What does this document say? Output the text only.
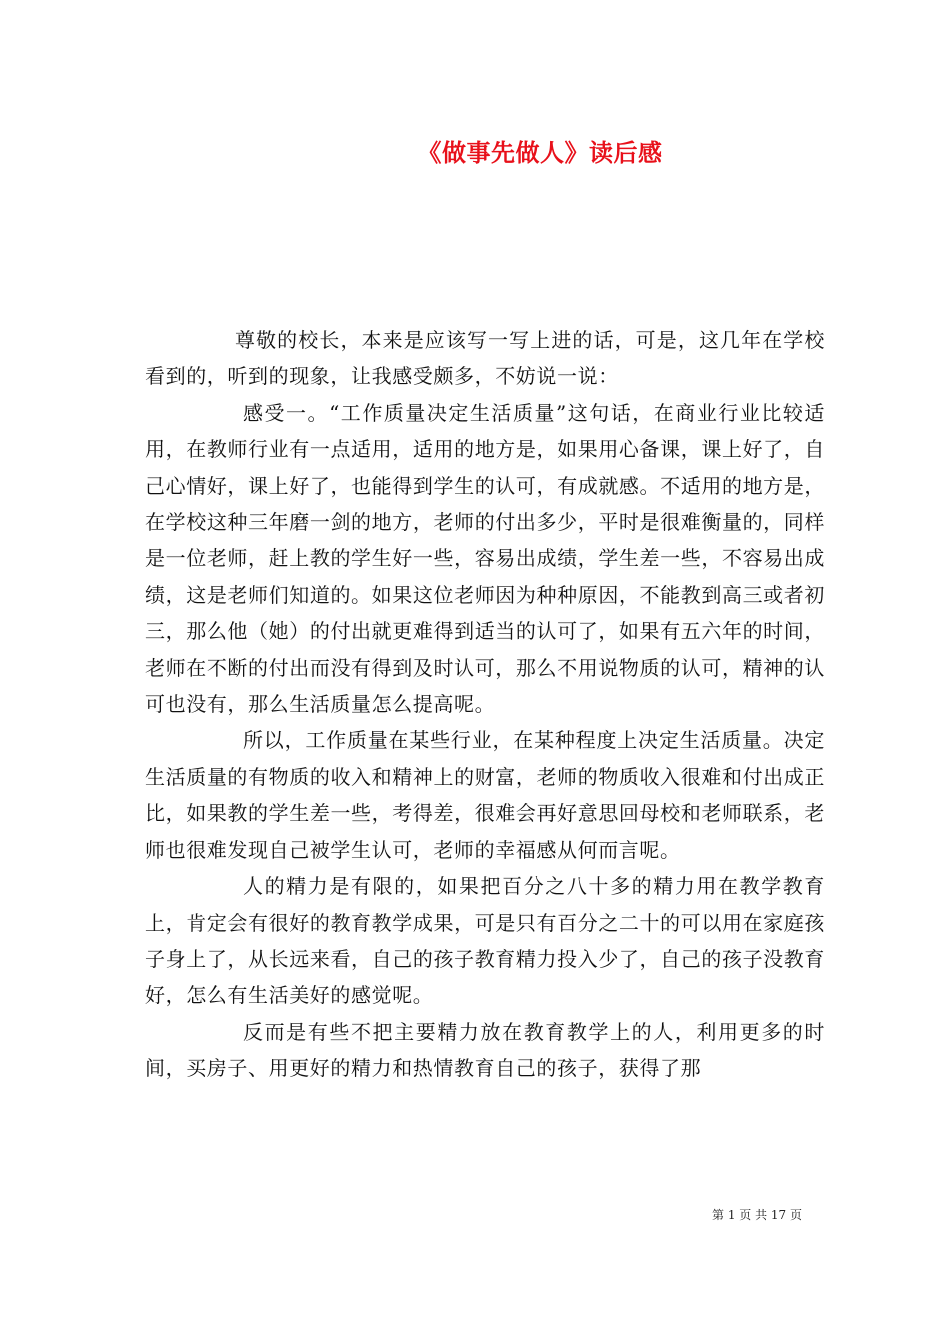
《做事先做人》读后感

尊敬的校长，本来是应该写一写上进的话，可是，这几年在学校看到的，听到的现象，让我感受颇多，不妨说一说：

感受一。“工作质量决定生活质量”这句话，在商业行业比较适用，在教师行业有一点适用，适用的地方是，如果用心备课，课上好了，自己心情好，课上好了，也能得到学生的认可，有成就感。不适用的地方是，在学校这种三年磨一剑的地方，老师的付出多少，平时是很难衡量的，同样是一位老师，赶上教的学生好一些，容易出成绩，学生差一些，不容易出成绩，这是老师们知道的。如果这位老师因为种种原因，不能教到高三或者初三，那么他（她）的付出就更难得到适当的认可了，如果有五六年的时间，老师在不断的付出而没有得到及时认可，那么不用说物质的认可，精神的认可也没有，那么生活质量怎么提高呢。

所以，工作质量在某些行业，在某种程度上决定生活质量。决定生活质量的有物质的收入和精神上的财富，老师的物质收入很难和付出成正比，如果教的学生差一些，考得差，很难会再好意思回母校和老师联系，老师也很难发现自己被学生认可，老师的幸福感从何而言呢。

人的精力是有限的，如果把百分之八十多的精力用在教学教育上，肯定会有很好的教育教学成果，可是只有百分之二十的可以用在家庭孩子身上了，从长远来看，自己的孩子教育精力投入少了，自己的孩子没教育好，怎么有生活美好的感觉呢。

反而是有些不把主要精力放在教育教学上的人，利用更多的时间，买房子、用更好的精力和热情教育自己的孩子，获得了那

第 1 页 共 17 页
